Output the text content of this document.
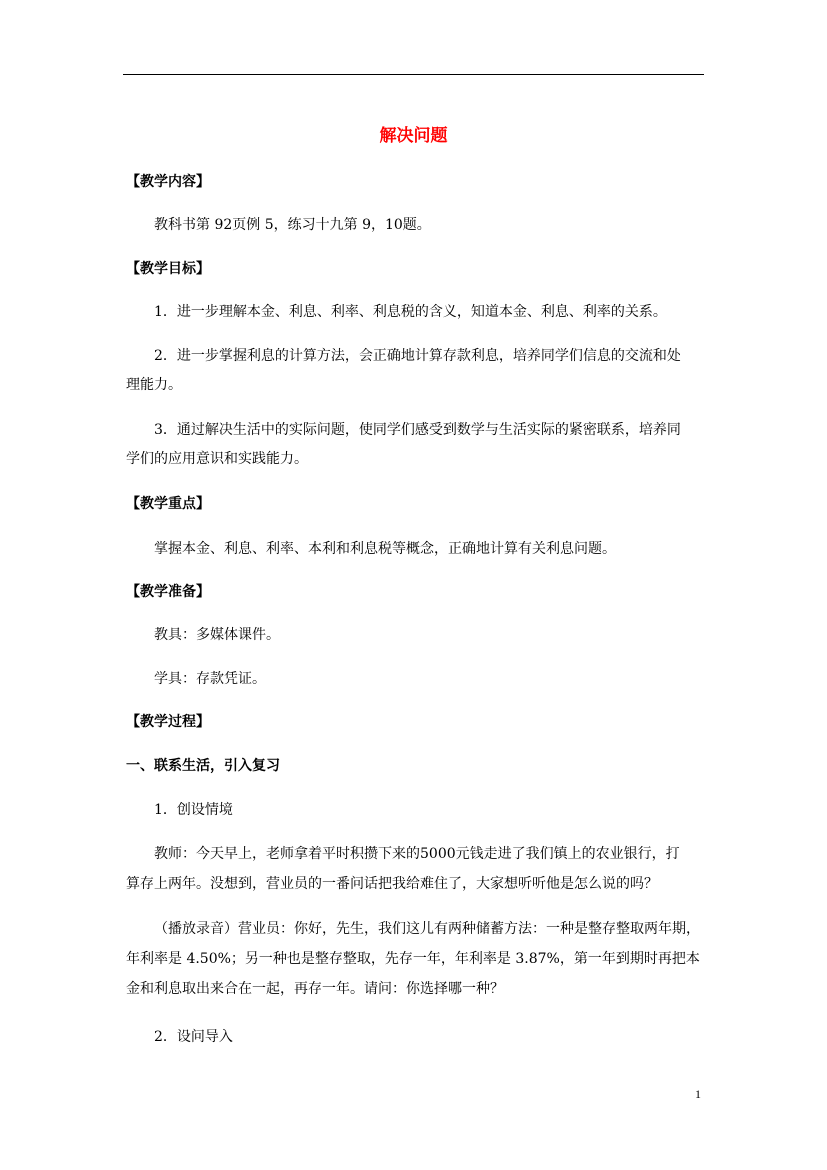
解决问题

【教学内容】

教科书第 92页例 5，练习十九第 9，10题。

【教学目标】

1．进一步理解本金、利息、利率、利息税的含义，知道本金、利息、利率的关系。

2．进一步掌握利息的计算方法，会正确地计算存款利息，培养同学们信息的交流和处

理能力。

3．通过解决生活中的实际问题，使同学们感受到数学与生活实际的紧密联系，培养同

学们的应用意识和实践能力。

【教学重点】

掌握本金、利息、利率、本利和利息税等概念，正确地计算有关利息问题。

【教学准备】

教具：多媒体课件。

学具：存款凭证。

【教学过程】

一、联系生活，引入复习

1．创设情境

教师：今天早上，老师拿着平时积攒下来的5000元钱走进了我们镇上的农业银行，打

算存上两年。没想到，营业员的一番问话把我给难住了，大家想听听他是怎么说的吗？

（播放录音）营业员：你好，先生，我们这儿有两种储蓄方法：一种是整存整取两年期，

年利率是 4.50%；另一种也是整存整取，先存一年，年利率是 3.87%，第一年到期时再把本

金和利息取出来合在一起，再存一年。请问：你选择哪一种？

2．设问导入

1
